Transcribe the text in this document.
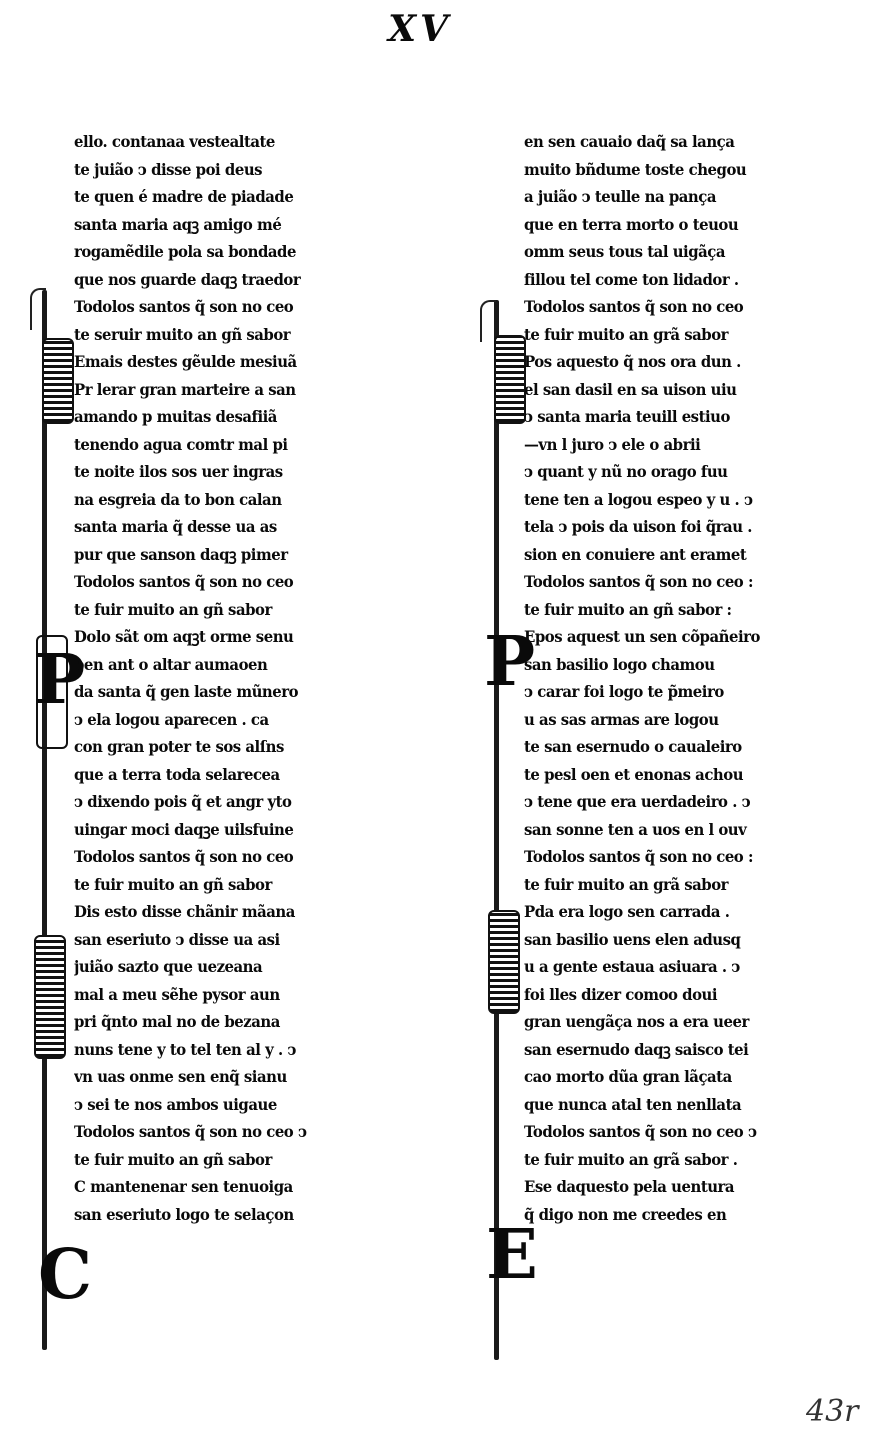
XV
P
C
P
E
ello. contanaa vestealtate
te juião ↄ disse poi deus
te quen é madre de piadade
santa maria aqꝫ amigo mé
rogamẽdile pola sa bondade
que nos guarde daqꝫ traedor
Todolos santos q̃ son no ceo
te seruir muito an gñ sabor
Emais destes gẽulde mesiuã
Pr lerar gran marteire a san
amando p muitas desafiiã
tenendo agua comtr mal pi
te noite ilos sos uer ingras
na esgreia da to bon calan
santa maria q̃ desse ua as
pur que sanson daqꝫ pimer
Todolos santos q̃ son no ceo
te fuir muito an gñ sabor
Dolo sãt om aqꝫt orme senu
ben ant o altar aumaoen
da santa q̃ gen laste mũnero
ↄ ela logou aparecen . ca
con gran poter te sos alſns
que a terra toda selarecea
ↄ dixendo pois q̃ et angr yto
uingar moci daqꝫe uilsfuine
Todolos santos q̃ son no ceo
te fuir muito an gñ sabor
Dis esto disse chãnir mãana
san eseriuto ↄ disse ua asi
juião sazto que uezeana
mal a meu sẽhe pysor aun
pri q̃nto mal no de bezana
nuns tene y to tel ten al y . ↄ
vn uas onme sen enq̃ sianu
ↄ sei te nos ambos uigaue
Todolos santos q̃ son no ceo ↄ
te fuir muito an gñ sabor
C mantenenar sen tenuoiga
san eseriuto logo te selaçon
en sen cauaio daq̃ sa lança
muito bñdume toste chegou
a juião ↄ teulle na pança
que en terra morto o teuou
omm seus tous tal uigãça
fillou tel come ton lidador .
Todolos santos q̃ son no ceo
te fuir muito an grã sabor
Pos aquesto q̃ nos ora dun .
el san dasil en sa uison uiu
ↄ santa maria teuill estiuo
—vn l juro ↄ ele o abrii
ↄ quant y nũ no orago fuu
tene ten a logou espeo y u . ↄ
tela ↄ pois da uison foi q̃rau .
sion en conuiere ant eramet
Todolos santos q̃ son no ceo :
te fuir muito an gñ sabor :
Epos aquest un sen cõpañeiro
san basilio logo chamou
ↄ carar foi logo te p̃meiro
u as sas armas are logou
te san esernudo o caualeiro
te pesl oen et enonas achou
ↄ tene que era uerdadeiro . ↄ
san sonne ten a uos en l ouv
Todolos santos q̃ son no ceo :
te fuir muito an grã sabor
Pda era logo sen carrada .
san basilio uens elen adusq
u a gente estaua asiuara . ↄ
foi lles dizer comoo doui
gran uengãça nos a era ueer
san esernudo daqꝫ saisco tei
cao morto dũa gran lãçata
que nunca atal ten nenllata
Todolos santos q̃ son no ceo ↄ
te fuir muito an grã sabor .
Ese daquesto pela uentura
q̃ digo non me creedes en
43r
